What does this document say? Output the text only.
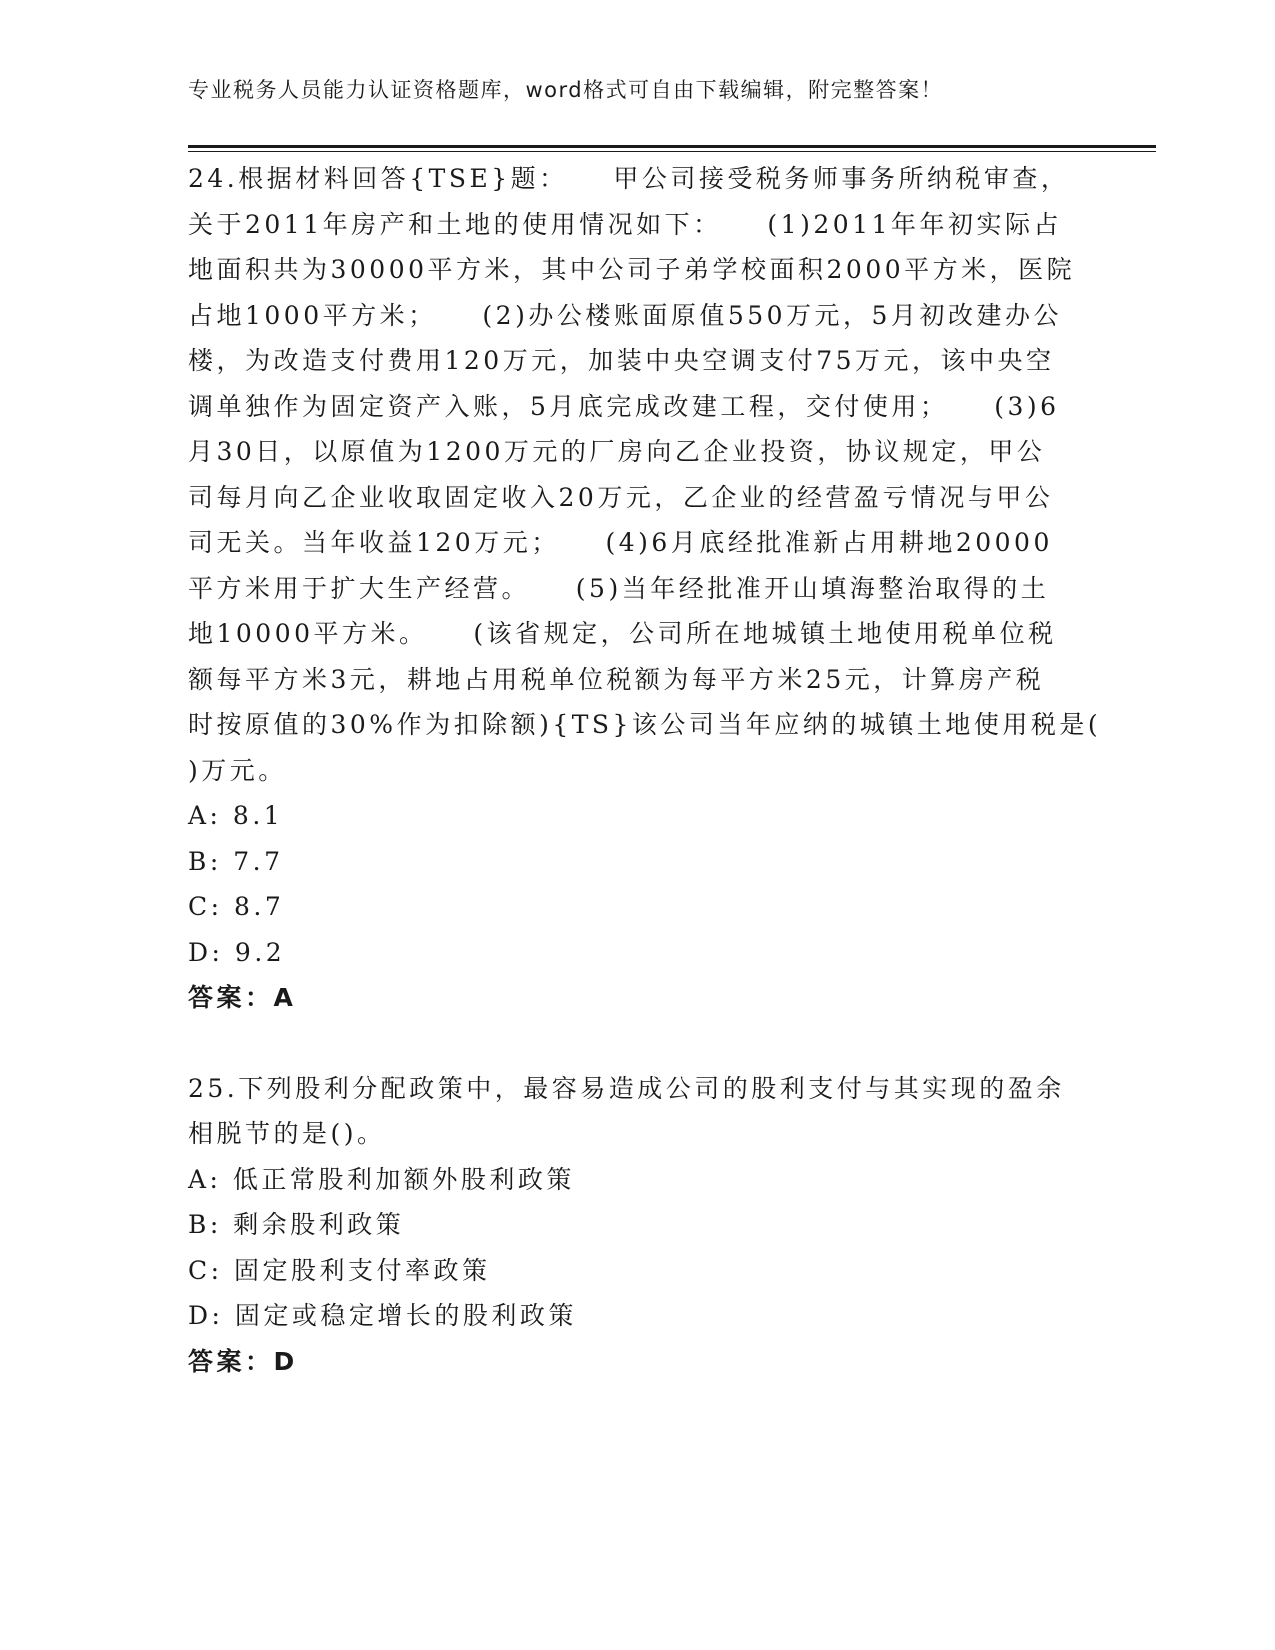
专业税务人员能力认证资格题库，word格式可自由下载编辑，附完整答案！
24.根据材料回答{TSE}题：    甲公司接受税务师事务所纳税审查，
关于2011年房产和土地的使用情况如下：    (1)2011年年初实际占
地面积共为30000平方米，其中公司子弟学校面积2000平方米，医院
占地1000平方米；    (2)办公楼账面原值550万元，5月初改建办公
楼，为改造支付费用120万元，加装中央空调支付75万元，该中央空
调单独作为固定资产入账，5月底完成改建工程，交付使用；    (3)6
月30日，以原值为1200万元的厂房向乙企业投资，协议规定，甲公
司每月向乙企业收取固定收入20万元，乙企业的经营盈亏情况与甲公
司无关。当年收益120万元；    (4)6月底经批准新占用耕地20000
平方米用于扩大生产经营。    (5)当年经批准开山填海整治取得的土
地10000平方米。    (该省规定，公司所在地城镇土地使用税单位税
额每平方米3元，耕地占用税单位税额为每平方米25元，计算房产税
时按原值的30%作为扣除额){TS}该公司当年应纳的城镇土地使用税是(
)万元。
A: 8.1
B: 7.7
C: 8.7
D: 9.2
答案：A
25.下列股利分配政策中，最容易造成公司的股利支付与其实现的盈余
相脱节的是()。
A: 低正常股利加额外股利政策
B: 剩余股利政策
C: 固定股利支付率政策
D: 固定或稳定增长的股利政策
答案：D
